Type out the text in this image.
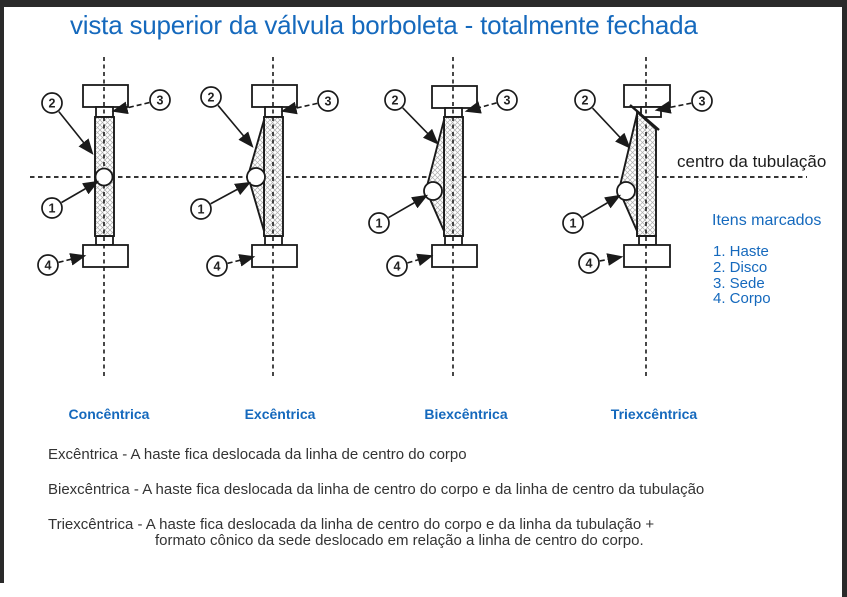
vista superior da válvula borboleta - totalmente fechada
2	3
1
4
2	3
1
4
2	3
1
4
2	3
1
4
centro da tubulação
Itens marcados
1. Haste
2. Disco
3. Sede
4. Corpo
Concêntrica	Excêntrica	Biexcêntrica	Triexcêntrica
Excêntrica - A haste fica deslocada da linha de centro do corpo
Biexcêntrica - A haste fica deslocada da linha de centro do corpo e da linha de centro da tubulação
Triexcêntrica - A haste fica deslocada da linha de centro do corpo e da linha da tubulação +
formato cônico da sede deslocado em relação a linha de centro do corpo.
